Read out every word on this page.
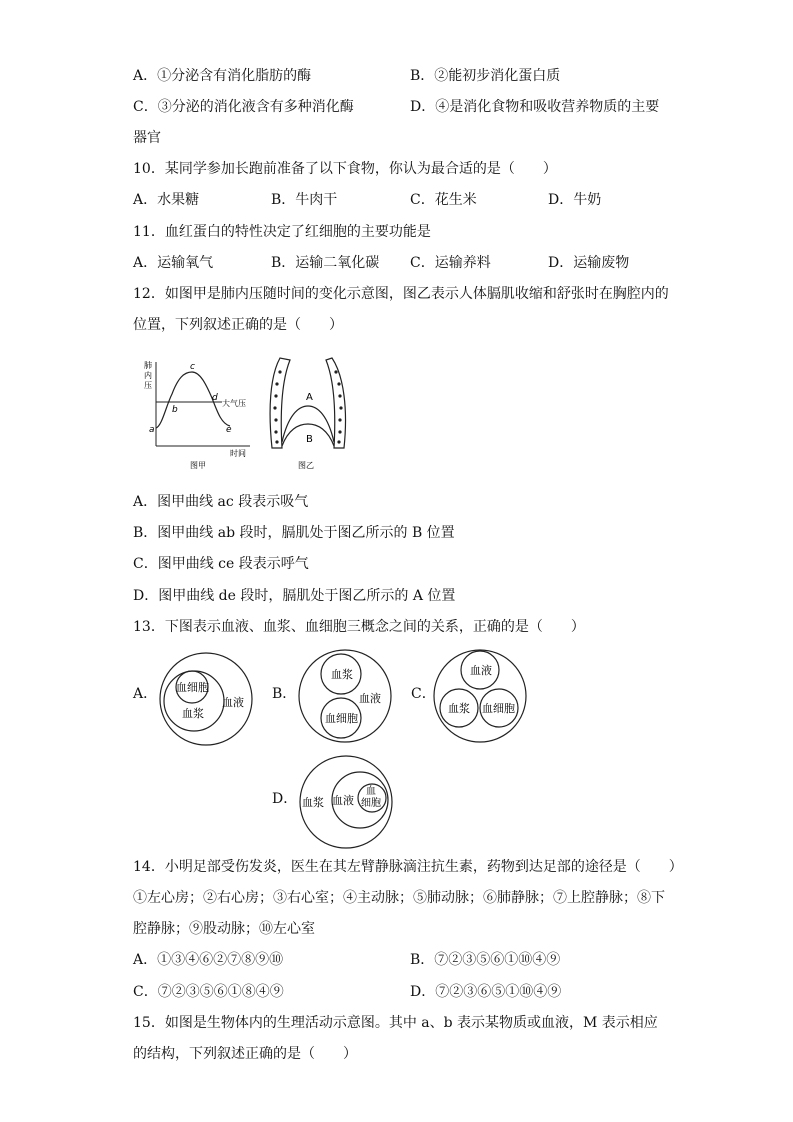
A．①分泌含有消化脂肪的酶	B．②能初步消化蛋白质
C．③分泌的消化液含有多种消化酶	D．④是消化食物和吸收营养物质的主要
器官
10．某同学参加长跑前准备了以下食物，你认为最合适的是（　　）
A．水果糖	B．牛肉干	C．花生米	D．牛奶
11．血红蛋白的特性决定了红细胞的主要功能是
A．运输氧气	B．运输二氧化碳 C．运输养料	D．运输废物
12．如图甲是肺内压随时间的变化示意图，图乙表示人体膈肌收缩和舒张时在胸腔内的
位置，下列叙述正确的是（　　）
肺
内
压
a
b
c
d
e
大气压
时间
图甲
A
B
图乙
A．图甲曲线 ac 段表示吸气
B．图甲曲线 ab 段时，膈肌处于图乙所示的 B 位置
C．图甲曲线 ce 段表示呼气
D．图甲曲线 de 段时，膈肌处于图乙所示的 A 位置
13．下图表示血液、血浆、血细胞三概念之间的关系，正确的是（　　）
A． 血细胞
血浆
血液
B．
血浆
血液
血细胞
C．
血液
血浆 血细胞
D． 血浆 血液
血
细胞
14．小明足部受伤发炎，医生在其左臂静脉滴注抗生素，药物到达足部的途径是（　　）
①左心房；②右心房；③右心室；④主动脉；⑤肺动脉；⑥肺静脉；⑦上腔静脉；⑧下
腔静脉；⑨股动脉；⑩左心室
A．①③④⑥②⑦⑧⑨⑩	B．⑦②③⑤⑥①⑩④⑨
C．⑦②③⑤⑥①⑧④⑨	D．⑦②③⑥⑤①⑩④⑨
15．如图是生物体内的生理活动示意图。其中 a、b 表示某物质或血液，M 表示相应
的结构，下列叙述正确的是（　　）
